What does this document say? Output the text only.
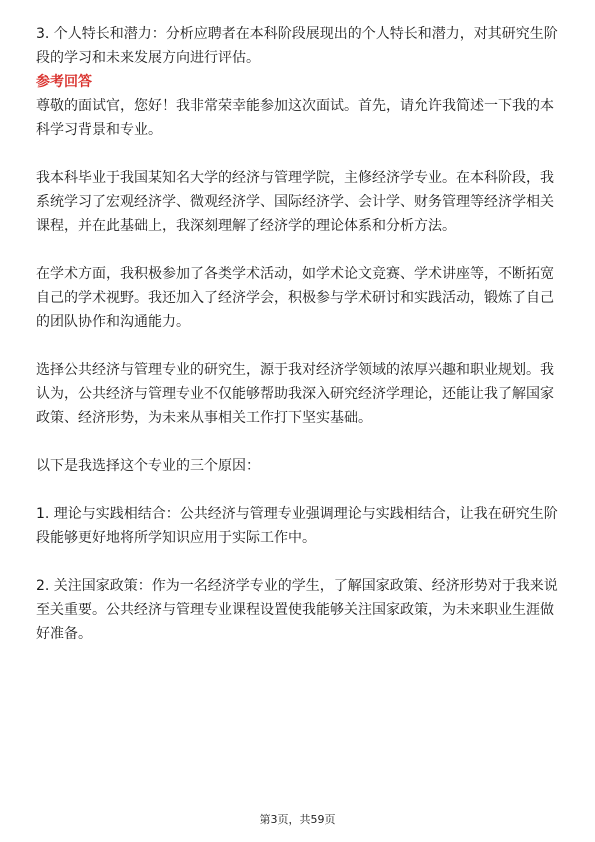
3. 个人特长和潜力：分析应聘者在本科阶段展现出的个人特长和潜力，对其研究生阶段的学习和未来发展方向进行评估。

参考回答

尊敬的面试官，您好！我非常荣幸能参加这次面试。首先，请允许我简述一下我的本科学习背景和专业。

我本科毕业于我国某知名大学的经济与管理学院，主修经济学专业。在本科阶段，我系统学习了宏观经济学、微观经济学、国际经济学、会计学、财务管理等经济学相关课程，并在此基础上，我深刻理解了经济学的理论体系和分析方法。

在学术方面，我积极参加了各类学术活动，如学术论文竞赛、学术讲座等，不断拓宽自己的学术视野。我还加入了经济学会，积极参与学术研讨和实践活动，锻炼了自己的团队协作和沟通能力。

选择公共经济与管理专业的研究生，源于我对经济学领域的浓厚兴趣和职业规划。我认为，公共经济与管理专业不仅能够帮助我深入研究经济学理论，还能让我了解国家政策、经济形势，为未来从事相关工作打下坚实基础。

以下是我选择这个专业的三个原因：

1. 理论与实践相结合：公共经济与管理专业强调理论与实践相结合，让我在研究生阶段能够更好地将所学知识应用于实际工作中。

2. 关注国家政策：作为一名经济学专业的学生，了解国家政策、经济形势对于我来说至关重要。公共经济与管理专业课程设置使我能够关注国家政策，为未来职业生涯做好准备。

第3页，共59页
